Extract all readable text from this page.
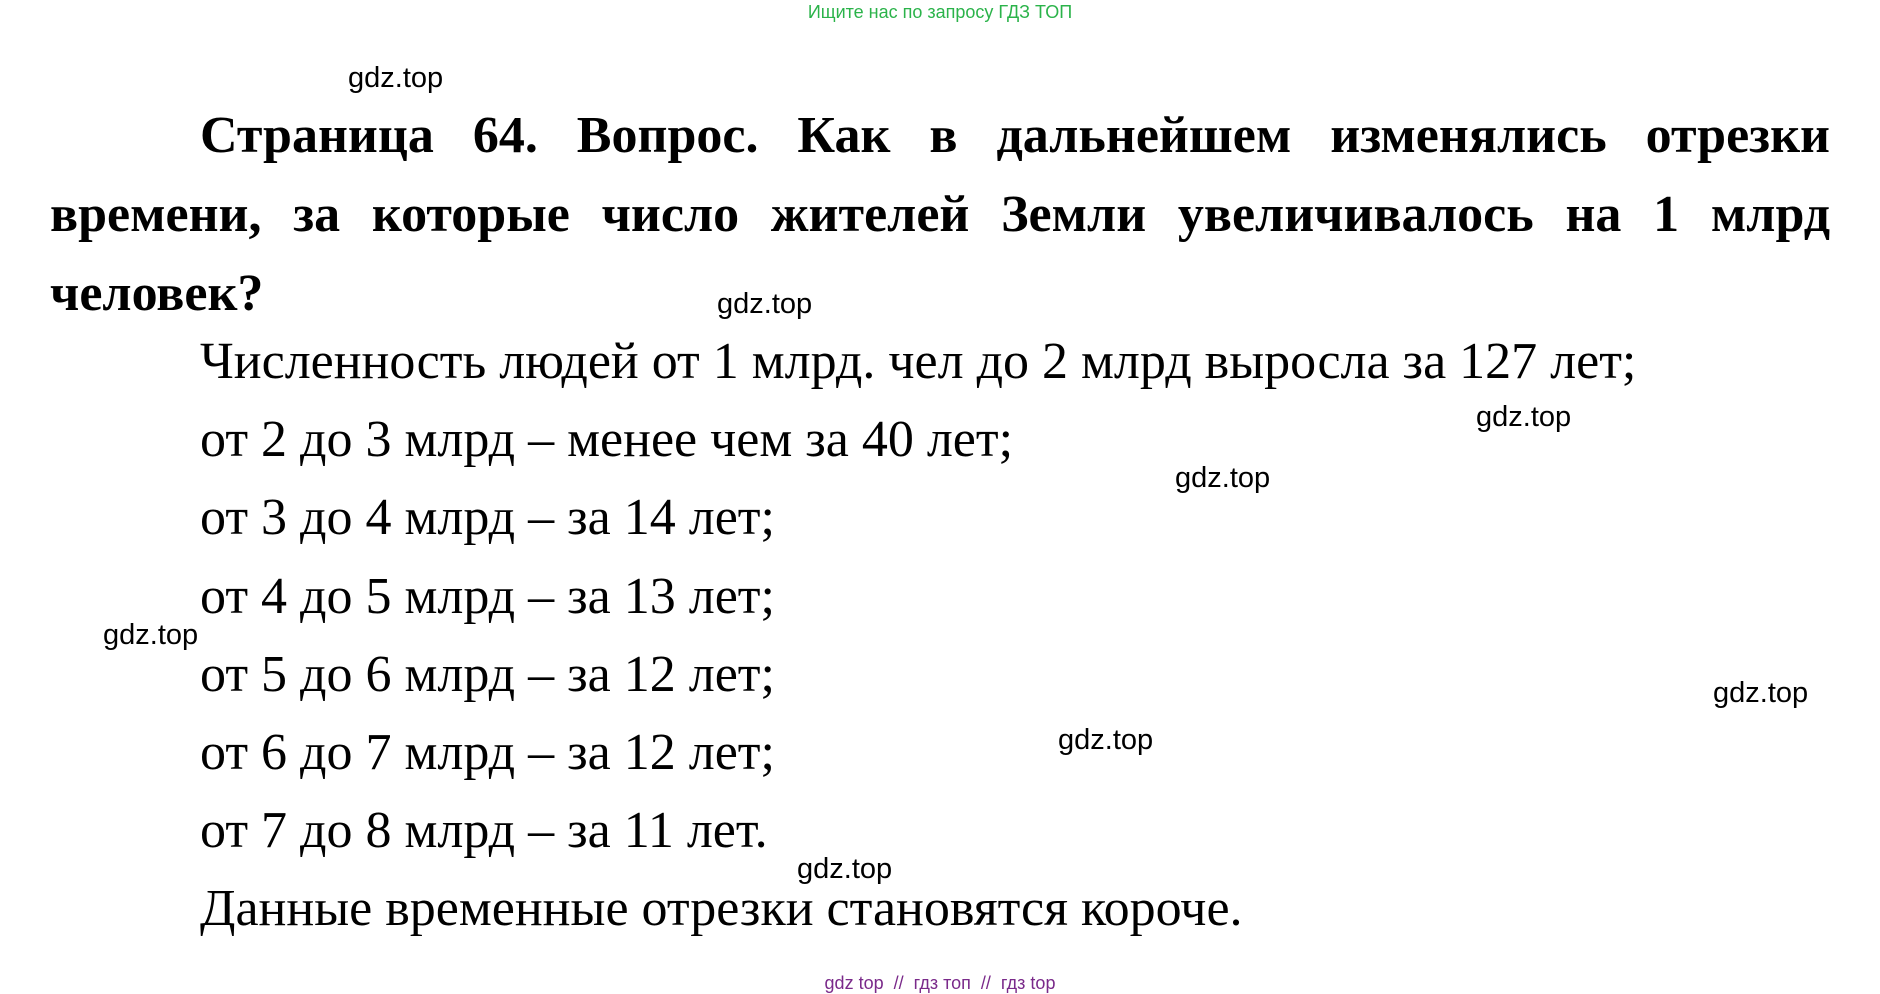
Ищите нас по запросу ГДЗ ТОП
gdz.top

Страница 64. Вопрос. Как в дальнейшем изменялись отрезки времени, за которые число жителей Земли увеличивалось на 1 млрд человек?	gdz.top

Численность людей от 1 млрд. чел до 2 млрд выросла за 127 лет;

gdz.top

от 2 до 3 млрд – менее чем за 40 лет;

gdz.top

от 3 до 4 млрд – за 14 лет;

от 4 до 5 млрд – за 13 лет;

gdz.top

от 5 до 6 млрд – за 12 лет;	gdz.top
gdz.top

от 6 до 7 млрд – за 12 лет;

от 7 до 8 млрд – за 11 лет.

gdz.top

Данные временные отрезки становятся короче.

gdz top  //  гдз топ  //  гдз top
